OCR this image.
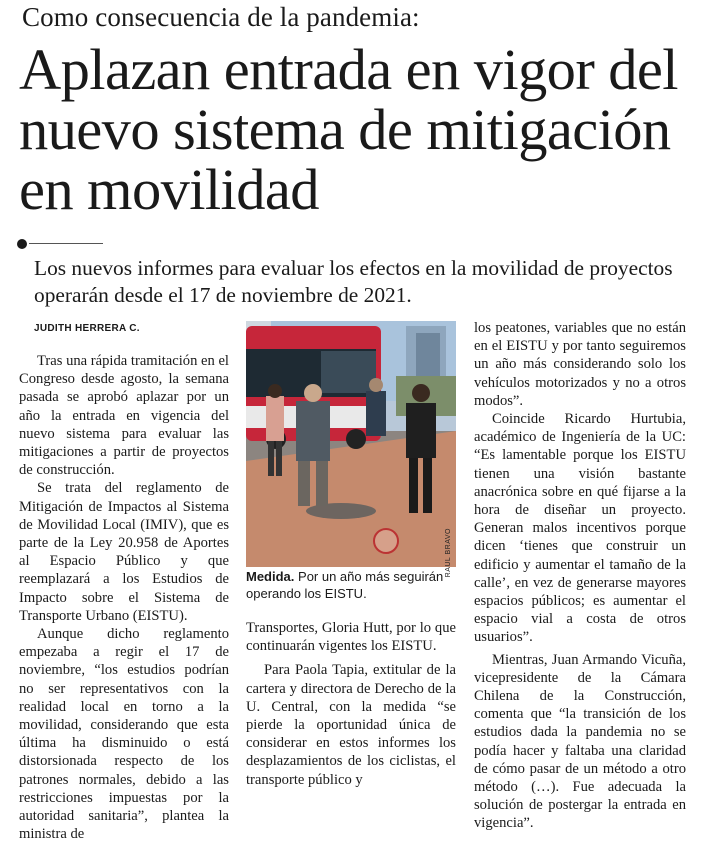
Como consecuencia de la pandemia:
Aplazan entrada en vigor del nuevo sistema de mitigación en movilidad
Los nuevos informes para evaluar los efectos en la movilidad de proyectos operarán desde el 17 de noviembre de 2021.
JUDITH HERRERA C.

Tras una rápida tramitación en el Congreso desde agosto, la semana pasada se aprobó aplazar por un año la entrada en vigencia del nuevo sistema para evaluar las mitigaciones a partir de proyectos de construcción.

Se trata del reglamento de Mitigación de Impactos al Sistema de Movilidad Local (IMIV), que es parte de la Ley 20.958 de Aportes al Espacio Público y que reemplazará a los Estudios de Impacto sobre el Sistema de Transporte Urbano (EISTU).

Aunque dicho reglamento empezaba a regir el 17 de noviembre, “los estudios podrían no ser representativos con la realidad local en torno a la movilidad, considerando que esta última ha disminuido o está distorsionada respecto de los patrones normales, debido a las restricciones impuestas por la autoridad sanitaria”, plantea la ministra de

RAUL BRAVO
Medida. Por un año más seguirán operando los EISTU.

Transportes, Gloria Hutt, por lo que continuarán vigentes los EISTU.

Para Paola Tapia, extitular de la cartera y directora de Derecho de la U. Central, con la medida “se pierde la oportunidad única de considerar en estos informes los desplazamientos de los ciclistas, el transporte público y

los peatones, variables que no están en el EISTU y por tanto seguiremos un año más considerando solo los vehículos motorizados y no a otros modos”.

Coincide Ricardo Hurtubia, académico de Ingeniería de la UC: “Es lamentable porque los EISTU tienen una visión bastante anacrónica sobre en qué fijarse a la hora de diseñar un proyecto. Generan malos incentivos porque dicen ‘tienes que construir un edificio y aumentar el tamaño de la calle’, en vez de generarse mayores espacios públicos; es aumentar el espacio vial a costa de otros usuarios”.

Mientras, Juan Armando Vicuña, vicepresidente de la Cámara Chilena de la Construcción, comenta que “la transición de los estudios dada la pandemia no se podía hacer y faltaba una claridad de cómo pasar de un método a otro método (…). Fue adecuada la solución de postergar la entrada en vigencia”.
